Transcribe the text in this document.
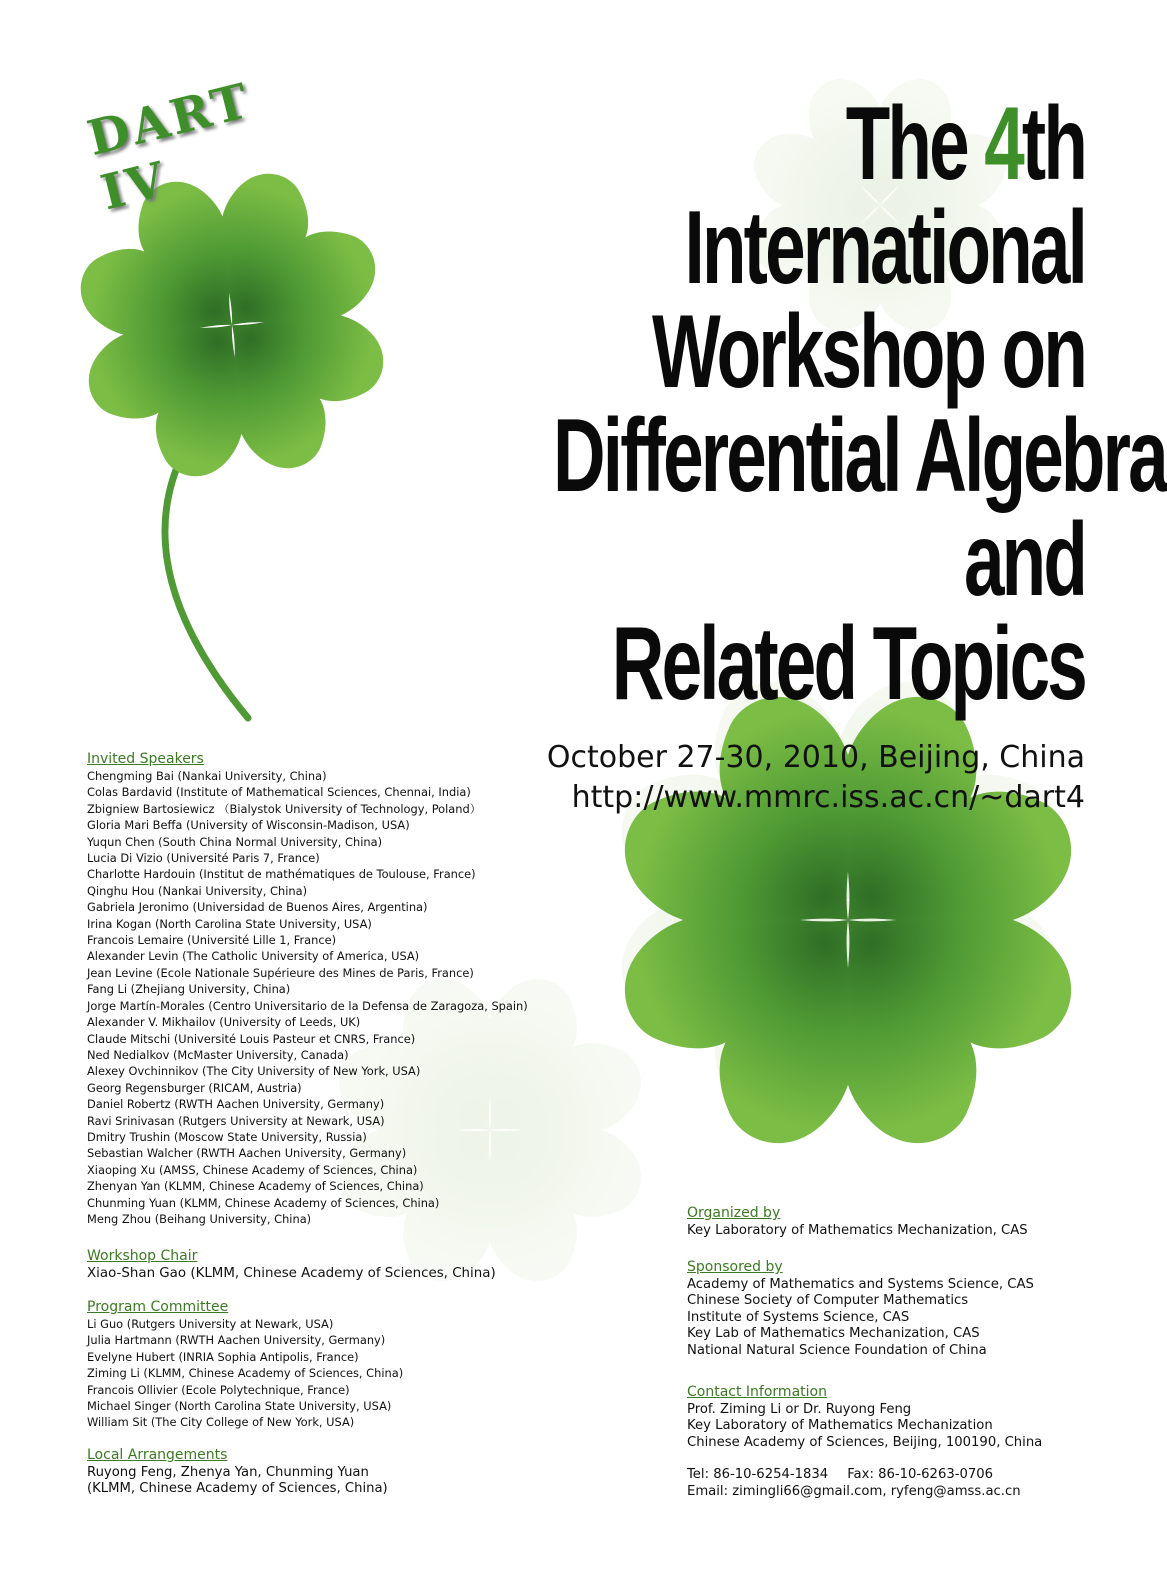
DART IV	The 4th
International
Workshop on
Differential Algebra
and
Related Topics
October 27-30, 2010, Beijing, China
http://www.mmrc.iss.ac.cn/~dart4
Invited Speakers
Chengming Bai (Nankai University, China)
Colas Bardavid (Institute of Mathematical Sciences, Chennai, India)
Zbigniew Bartosiewicz （Bialystok University of Technology, Poland）
Gloria Mari Beffa (University of Wisconsin-Madison, USA)
Yuqun Chen (South China Normal University, China)
Lucia Di Vizio (Université Paris 7, France)
Charlotte Hardouin (Institut de mathématiques de Toulouse, France)
Qinghu Hou (Nankai University, China)
Gabriela Jeronimo (Universidad de Buenos Aires, Argentina)
Irina Kogan (North Carolina State University, USA)
Francois Lemaire (Université Lille 1, France)
Alexander Levin (The Catholic University of America, USA)
Jean Levine (Ecole Nationale Supérieure des Mines de Paris, France)
Fang Li (Zhejiang University, China)
Jorge Martín-Morales (Centro Universitario de la Defensa de Zaragoza, Spain)
Alexander V. Mikhailov (University of Leeds, UK)
Claude Mitschi (Université Louis Pasteur et CNRS, France)
Ned Nedialkov (McMaster University, Canada)
Alexey Ovchinnikov (The City University of New York, USA)
Georg Regensburger (RICAM, Austria)
Daniel Robertz (RWTH Aachen University, Germany)
Ravi Srinivasan (Rutgers University at Newark, USA)
Dmitry Trushin (Moscow State University, Russia)
Sebastian Walcher (RWTH Aachen University, Germany)
Xiaoping Xu (AMSS, Chinese Academy of Sciences, China)
Zhenyan Yan (KLMM, Chinese Academy of Sciences, China)
Chunming Yuan (KLMM, Chinese Academy of Sciences, China)
Meng Zhou (Beihang University, China)
Workshop Chair
Xiao-Shan Gao (KLMM, Chinese Academy of Sciences, China)
Program Committee
Li Guo (Rutgers University at Newark, USA)
Julia Hartmann (RWTH Aachen University, Germany)
Evelyne Hubert (INRIA Sophia Antipolis, France)
Ziming Li (KLMM, Chinese Academy of Sciences, China)
Francois Ollivier (Ecole Polytechnique, France)
Michael Singer (North Carolina State University, USA)
William Sit (The City College of New York, USA)
Local Arrangements
Ruyong Feng, Zhenya Yan, Chunming Yuan
(KLMM, Chinese Academy of Sciences, China)
Organized by
Key Laboratory of Mathematics Mechanization, CAS
Sponsored by
Academy of Mathematics and Systems Science, CAS
Chinese Society of Computer Mathematics
Institute of Systems Science, CAS
Key Lab of Mathematics Mechanization, CAS
National Natural Science Foundation of China
Contact Information
Prof. Ziming Li or Dr. Ruyong Feng
Key Laboratory of Mathematics Mechanization
Chinese Academy of Sciences, Beijing, 100190, China
Tel: 86-10-6254-1834 Fax: 86-10-6263-0706
Email: zimingli66@gmail.com, ryfeng@amss.ac.cn
